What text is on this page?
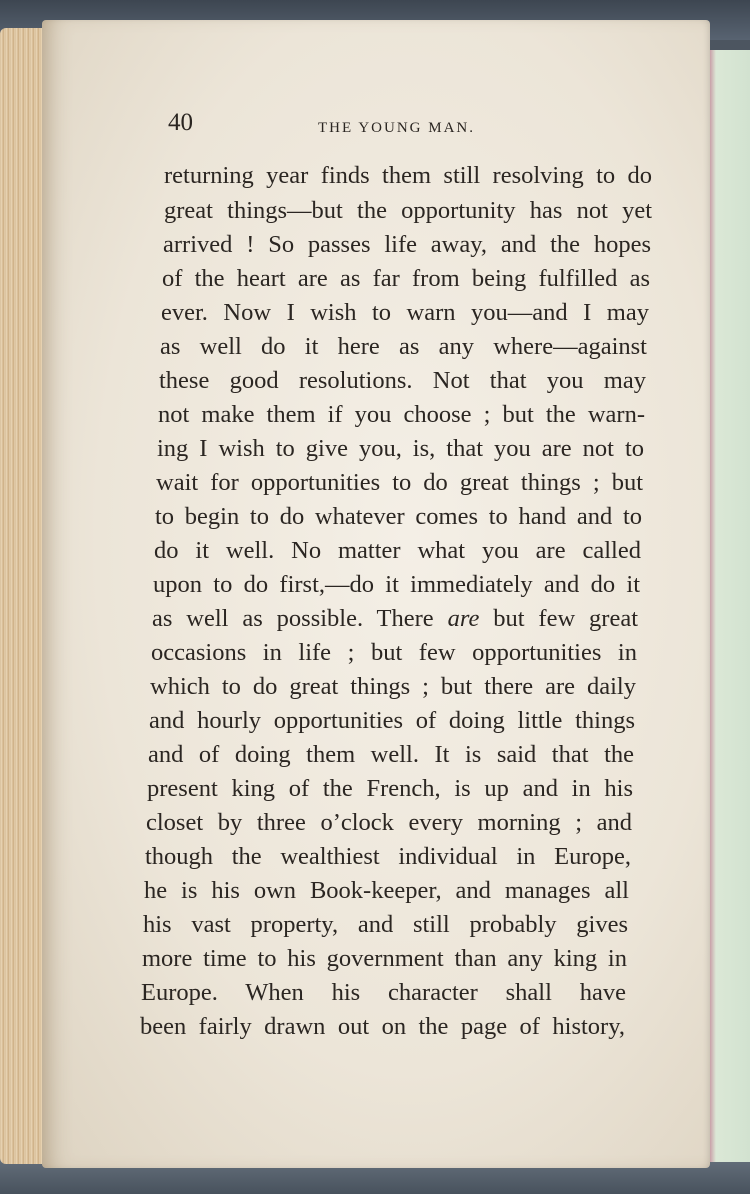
40	THE YOUNG MAN.
returning year finds them still resolving to do
great things—but the opportunity has not yet
arrived ! So passes life away, and the hopes
of the heart are as far from being fulfilled as
ever. Now I wish to warn you—and I may
as well do it here as any where—against
these good resolutions. Not that you may
not make them if you choose ; but the warn-
ing I wish to give you, is, that you are not to
wait for opportunities to do great things ; but
to begin to do whatever comes to hand and to
do it well. No matter what you are called
upon to do first,—do it immediately and do it
as well as possible. There are but few great
occasions in life ; but few opportunities in
which to do great things ; but there are daily
and hourly opportunities of doing little things
and of doing them well. It is said that the
present king of the French, is up and in his
closet by three o’clock every morning ; and
though the wealthiest individual in Europe,
he is his own Book-keeper, and manages all
his vast property, and still probably gives
more time to his government than any king in
Europe. When his character shall have
been fairly drawn out on the page of history,
